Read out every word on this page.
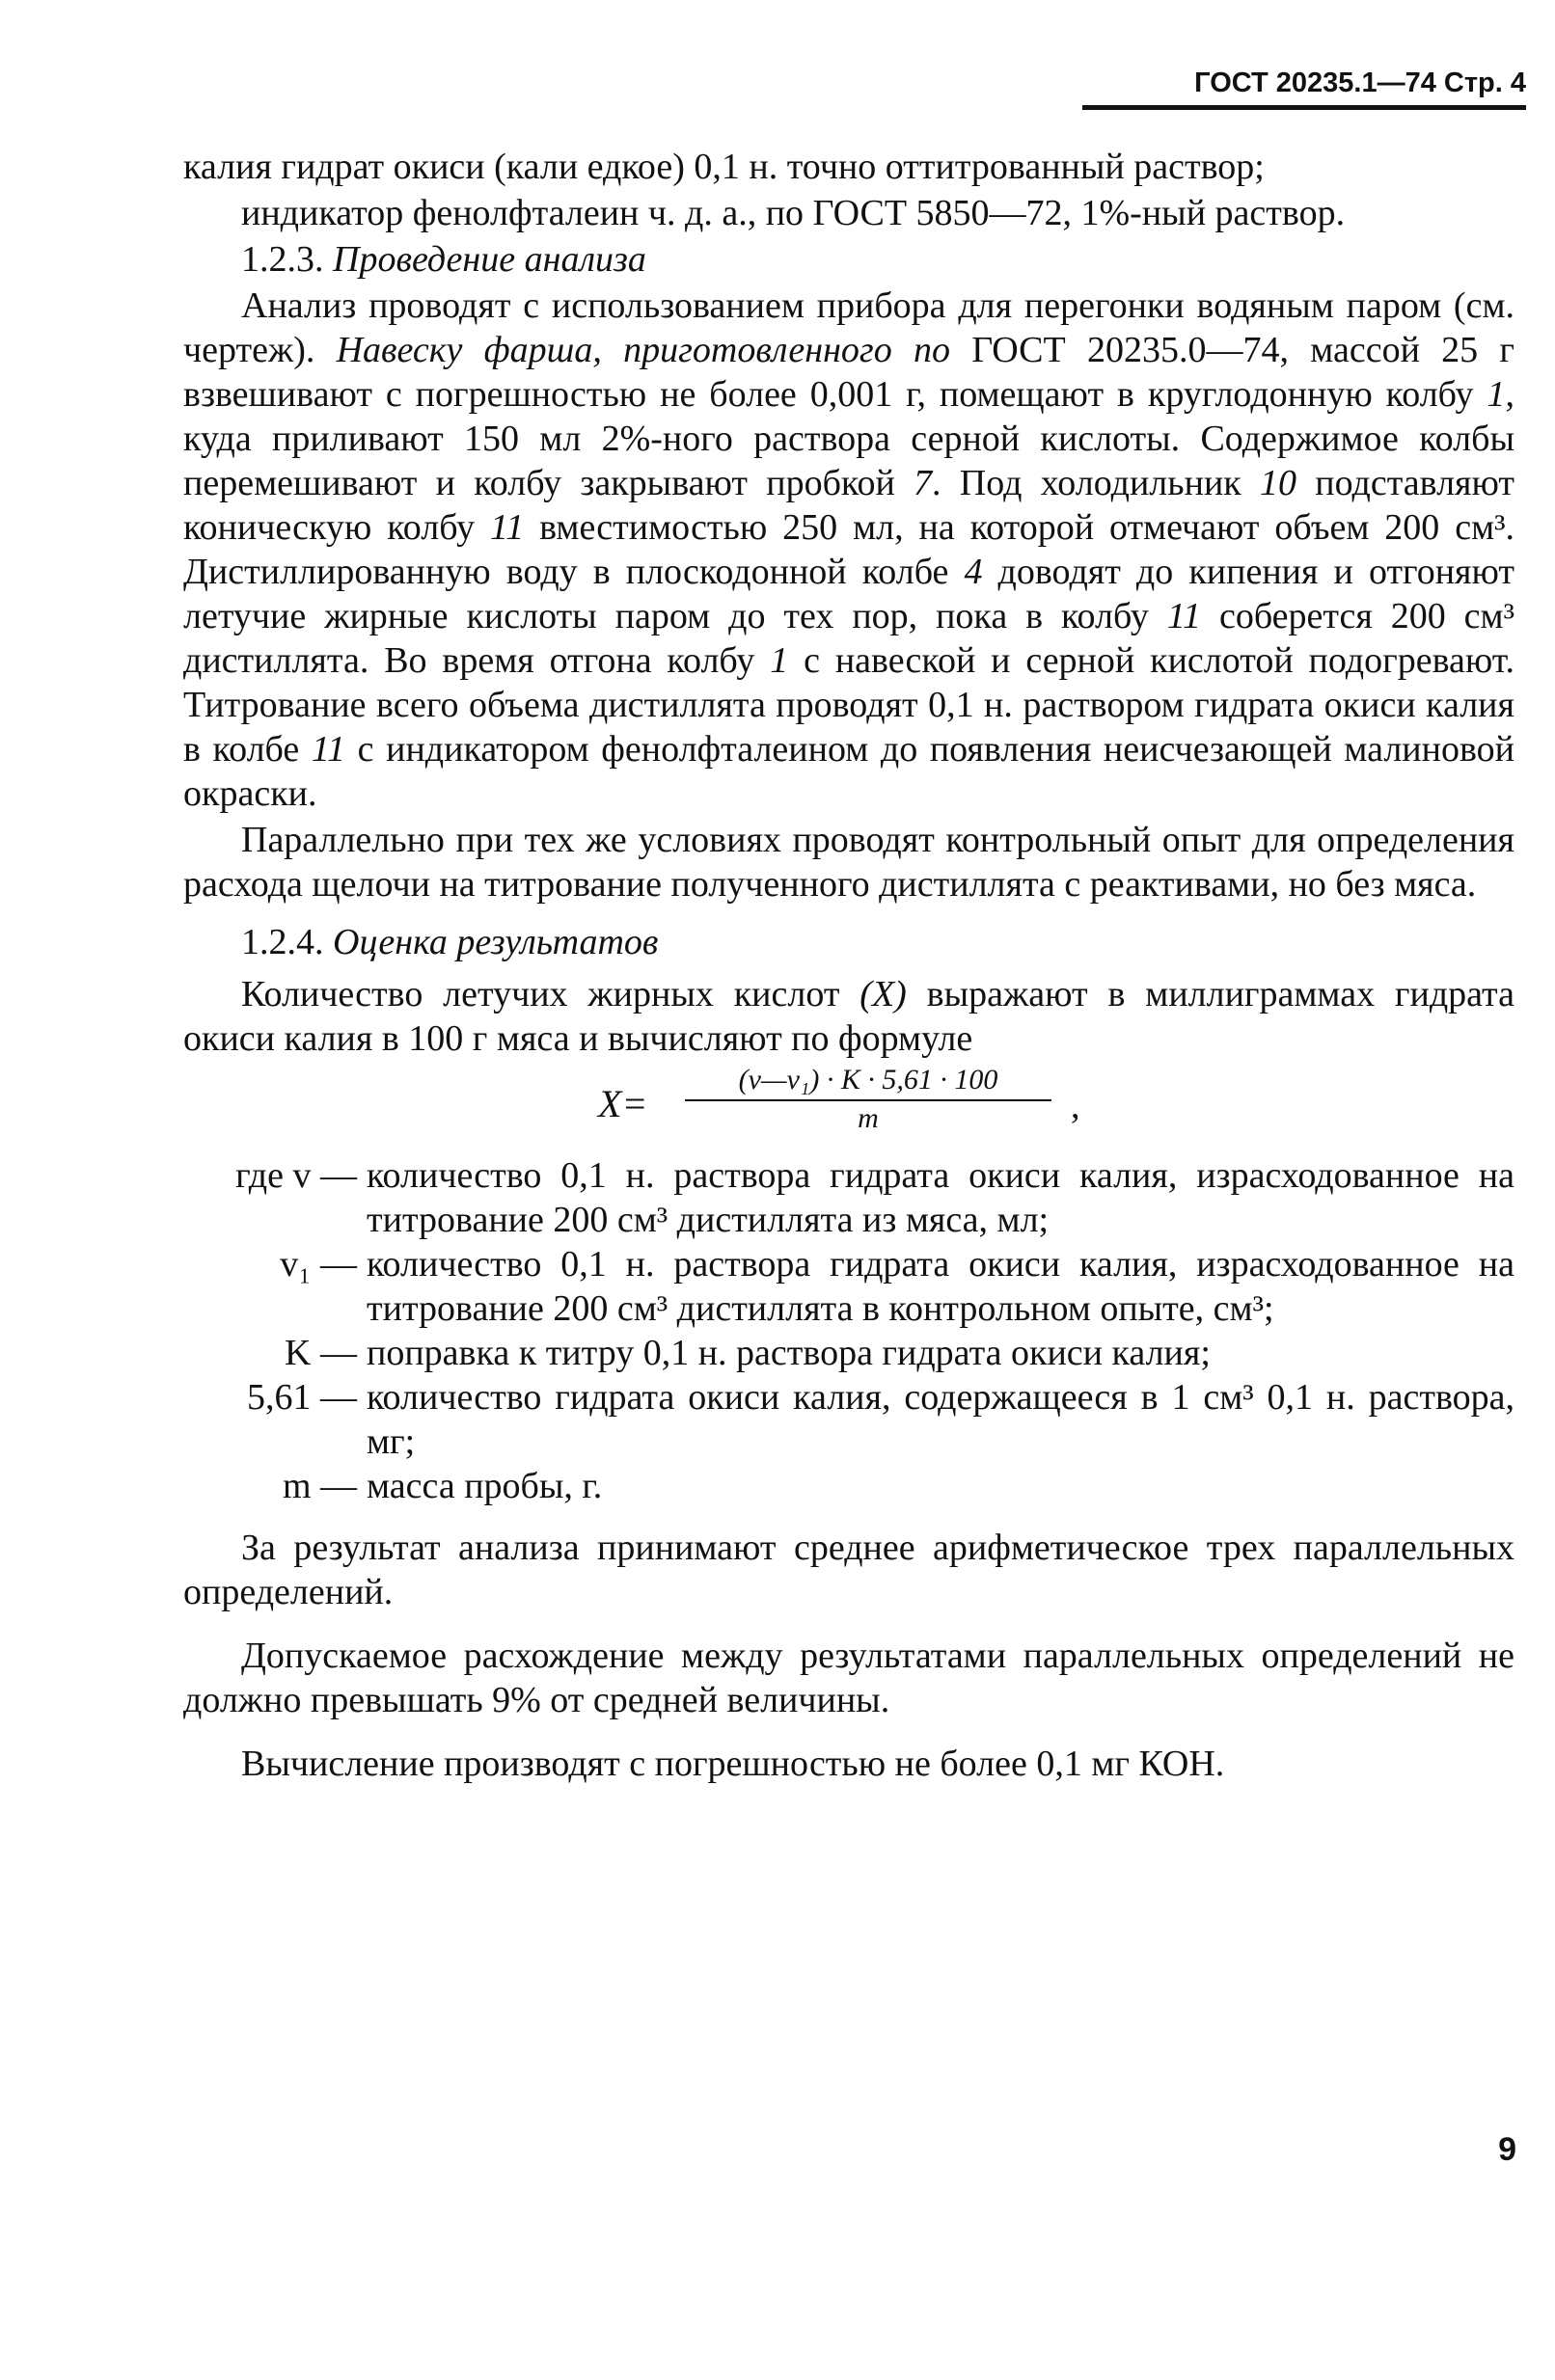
ГОСТ 20235.1—74 Стр. 4

калия гидрат окиси (кали едкое) 0,1 н. точно оттитрованный раствор;

индикатор фенолфталеин ч. д. а., по ГОСТ 5850—72, 1%-ный раствор.

1.2.3. Проведение анализа

Анализ проводят с использованием прибора для перегонки водяным паром (см. чертеж). Навеску фарша, приготовленного по ГОСТ 20235.0—74, массой 25 г взвешивают с погрешностью не более 0,001 г, помещают в круглодонную колбу 1, куда приливают 150 мл 2%-ного раствора серной кислоты. Содержимое колбы перемешивают и колбу закрывают пробкой 7. Под холодильник 10 подставляют коническую колбу 11 вместимостью 250 мл, на которой отмечают объем 200 см³. Дистиллированную воду в плоскодонной колбе 4 доводят до кипения и отгоняют летучие жирные кислоты паром до тех пор, пока в колбу 11 соберется 200 см³ дистиллята. Во время отгона колбу 1 с навеской и серной кислотой подогревают. Титрование всего объема дистиллята проводят 0,1 н. раствором гидрата окиси калия в колбе 11 с индикатором фенолфталеином до появления неисчезающей малиновой окраски.

Параллельно при тех же условиях проводят контрольный опыт для определения расхода щелочи на титрование полученного дистиллята с реактивами, но без мяса.

1.2.4. Оценка результатов

Количество летучих жирных кислот (X) выражают в миллиграммах гидрата окиси калия в 100 г мяса и вычисляют по формуле

$X= \frac{\text{(v—v₁) · K · 5,61 · 100}}{m}$ ,
где v — количество 0,1 н. раствора гидрата окиси калия, израсходованное на титрование 200 см³ дистиллята из мяса, мл;
v₁ — количество 0,1 н. раствора гидрата окиси калия, израсходованное на титрование 200 см³ дистиллята в контрольном опыте, см³;
K — поправка к титру 0,1 н. раствора гидрата окиси калия;
5,61 — количество гидрата окиси калия, содержащееся в 1 см³ 0,1 н. раствора, мг;
m — масса пробы, г.

За результат анализа принимают среднее арифметическое трех параллельных определений.

Допускаемое расхождение между результатами параллельных определений не должно превышать 9% от средней величины.

Вычисление производят с погрешностью не более 0,1 мг КОН.

9
